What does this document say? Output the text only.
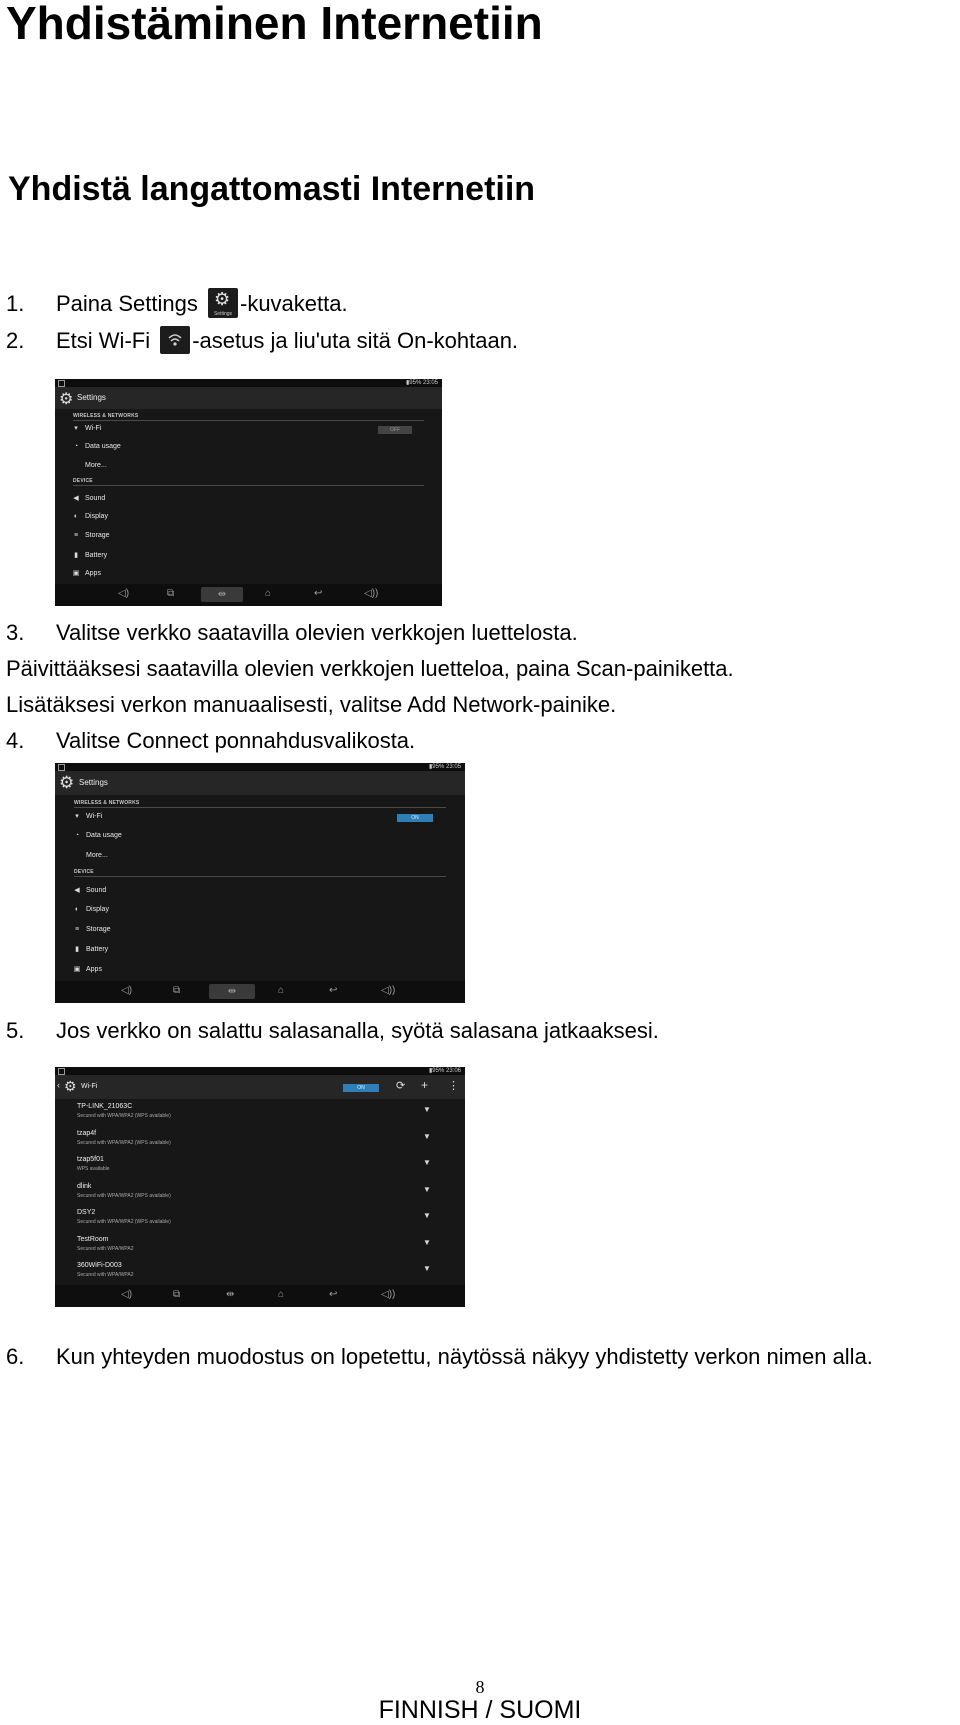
Yhdistäminen Internetiin
Yhdistä langattomasti Internetiin
1. Paina Settings ⚙
Settings -kuvaketta.
2. Etsi Wi-Fi -asetus ja liu'uta sitä On-kohtaan.
▮95% 23:05
⚙ Settings
WIRELESS & NETWORKS
▾ Wi-Fi	OFF
◔ Data usage
More...
DEVICE
◀ Sound
◐ Display
≡ Storage
▮ Battery
▣ Apps
◁)	⧉	⇹	⌂	↩	◁))
3. Valitse verkko saatavilla olevien verkkojen luettelosta.
Päivittääksesi saatavilla olevien verkkojen luetteloa, paina Scan-painiketta.
Lisätäksesi verkon manuaalisesti, valitse Add Network-painike.
4. Valitse Connect ponnahdusvalikosta.
▮95% 23:05
⚙ Settings
WIRELESS & NETWORKS
▾ Wi-Fi	ON
◔ Data usage
More...
DEVICE
◀ Sound
◐ Display
≡ Storage
▮ Battery
▣ Apps
◁)	⧉	⇹	⌂	↩	◁))
5. Jos verkko on salattu salasanalla, syötä salasana jatkaaksesi.
▮95% 23:06
‹ ⚙ Wi-Fi	ON	⟳ + ⋮
TP-LINK_21063C
Secured with WPA/WPA2 (WPS available)
▼
tzap4f
Secured with WPA/WPA2 (WPS available)
▼
tzap5f01
WPS available
▼
dlink
Secured with WPA/WPA2 (WPS available)
▼
DSY2
Secured with WPA/WPA2 (WPS available)
▼
TestRoom
Secured with WPA/WPA2
▼
360WiFi-D003
Secured with WPA/WPA2
▼
◁)	⧉	⇹	⌂	↩	◁))
6. Kun yhteyden muodostus on lopetettu, näytössä näkyy yhdistetty verkon nimen alla.
8
FINNISH / SUOMI
